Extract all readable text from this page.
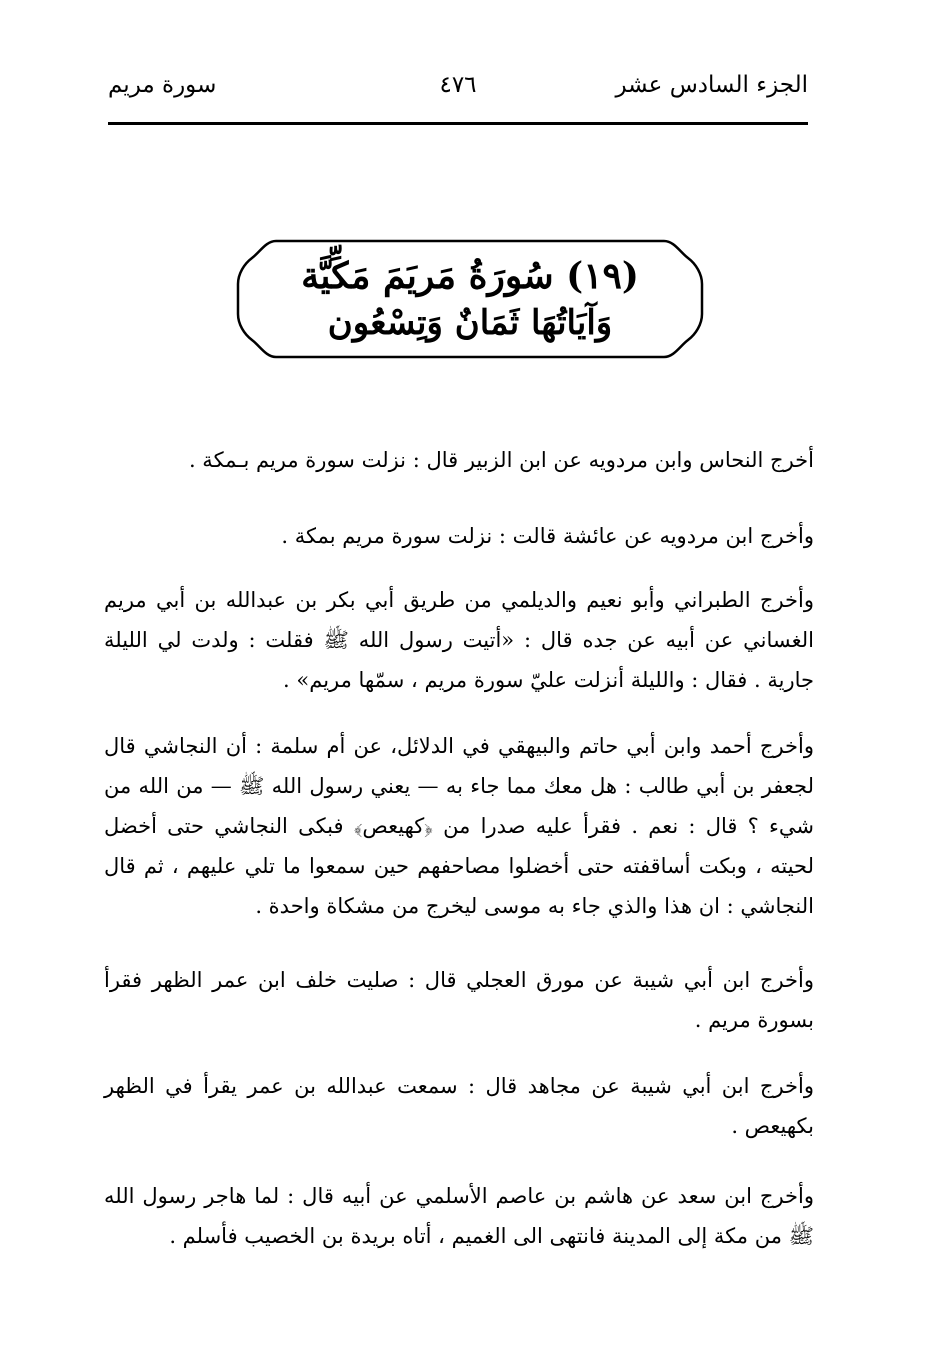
الجزء السادس عشر
٤٧٦
سورة مريم
(١٩) سُورَةُ مَريَمَ مَكِّيَّة
وَآيَاتُهَا ثَمَانٌ وَتِسْعُون

أخرج النحاس وابن مردويه عن ابن الزبير قال : نزلت سورة مريم بـمكة .

وأخرج ابن مردويه عن عائشة قالت : نزلت سورة مريم بمكة .

وأخرج الطبراني وأبو نعيم والديلمي من طريق أبي بكر بن عبدالله بن أبي مريم الغساني عن أبيه عن جده قال : «أتيت رسول الله ﷺ فقلت : ولدت لي الليلة جارية . فقال : والليلة أنزلت عليّ سورة مريم ، سمّها مريم» .

وأخرج أحمد وابن أبي حاتم والبيهقي في الدلائل، عن أم سلمة : أن النجاشي قال لجعفر بن أبي طالب : هل معك مما جاء به — يعني رسول الله ﷺ — من الله من شيء ؟ قال : نعم . فقرأ عليه صدرا من ﴿كهيعص﴾ فبكى النجاشي حتى أخضل لحيته ، وبكت أساقفته حتى أخضلوا مصاحفهم حين سمعوا ما تلي عليهم ، ثم قال النجاشي : ان هذا والذي جاء به موسى ليخرج من مشكاة واحدة .

وأخرج ابن أبي شيبة عن مورق العجلي قال : صليت خلف ابن عمر الظهر فقرأ بسورة مريم .

وأخرج ابن أبي شيبة عن مجاهد قال : سمعت عبدالله بن عمر يقرأ في الظهر بكهيعص .

وأخرج ابن سعد عن هاشم بن عاصم الأسلمي عن أبيه قال : لما هاجر رسول الله ﷺ من مكة إلى المدينة فانتهى الى الغميم ، أتاه بريدة بن الخصيب فأسلم .
